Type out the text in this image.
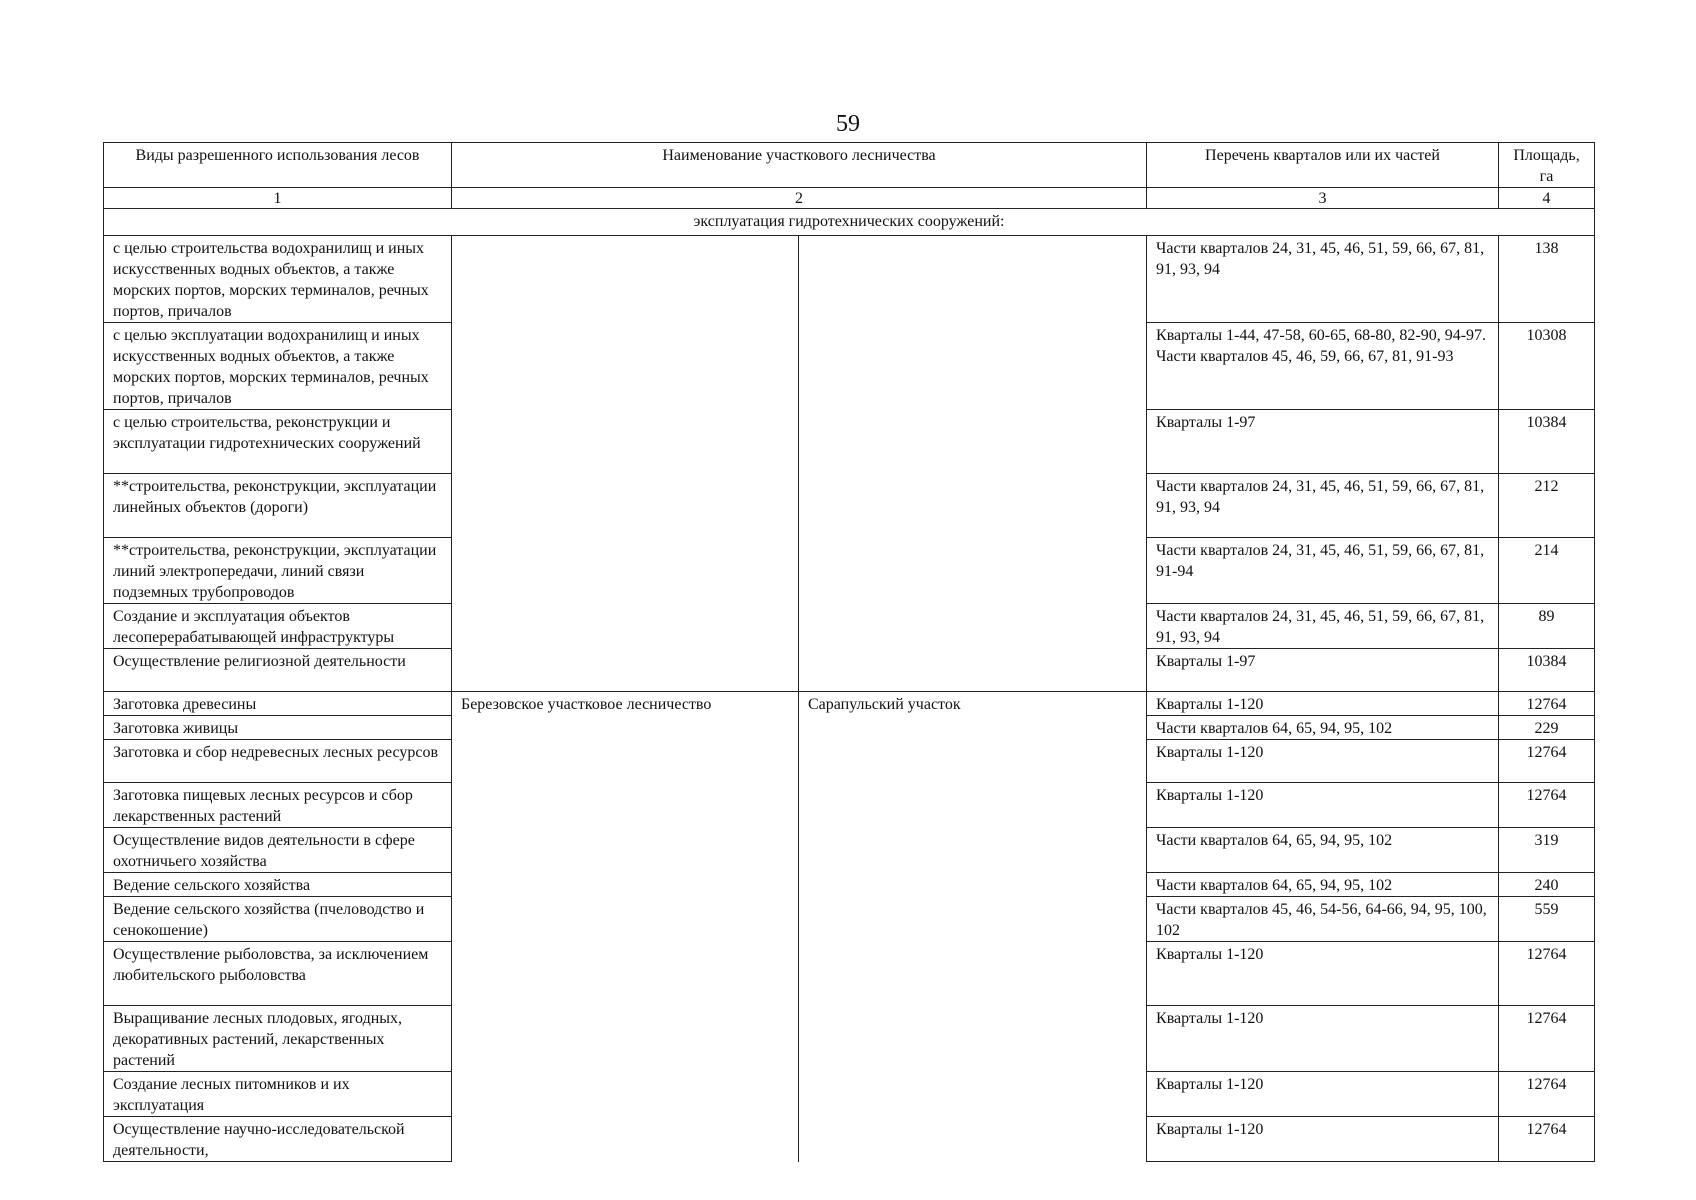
59
Виды разрешенного использования лесов	Наименование участкового лесничества		Перечень кварталов или их частей	Площадь, га
1	2		3	4
эксплуатация гидротехнических сооружений:				
с целью строительства водохранилищ и иных искусственных водных объектов, а также морских портов, морских терминалов, речных портов, причалов			Части кварталов 24, 31, 45, 46, 51, 59, 66, 67, 81, 91, 93, 94	138
с целью эксплуатации водохранилищ и иных искусственных водных объектов, а также морских портов, морских терминалов, речных портов, причалов			Кварталы 1-44, 47-58, 60-65, 68-80, 82-90, 94-97. Части кварталов 45, 46, 59, 66, 67, 81, 91-93	10308
с целью строительства, реконструкции и эксплуатации гидротехнических сооружений			Кварталы 1-97	10384
**строительства, реконструкции, эксплуатации линейных объектов (дороги)			Части кварталов 24, 31, 45, 46, 51, 59, 66, 67, 81, 91, 93, 94	212
**строительства, реконструкции, эксплуатации линий электропередачи, линий связи подземных трубопроводов			Части кварталов 24, 31, 45, 46, 51, 59, 66, 67, 81, 91-94	214
Создание и эксплуатация объектов лесоперерабатывающей инфраструктуры			Части кварталов 24, 31, 45, 46, 51, 59, 66, 67, 81, 91, 93, 94	89
Осуществление религиозной деятельности			Кварталы 1-97	10384
Заготовка древесины	Березовское участковое лесничество	Сарапульский участок	Кварталы 1-120	12764
Заготовка живицы			Части кварталов 64, 65, 94, 95, 102	229
Заготовка и сбор недревесных лесных ресурсов			Кварталы 1-120	12764
Заготовка пищевых лесных ресурсов и сбор лекарственных растений			Кварталы 1-120	12764
Осуществление видов деятельности в сфере охотничьего хозяйства			Части кварталов 64, 65, 94, 95, 102	319
Ведение сельского хозяйства			Части кварталов 64, 65, 94, 95, 102	240
Ведение сельского хозяйства (пчеловодство и сенокошение)			Части кварталов 45, 46, 54-56, 64-66, 94, 95, 100, 102	559
Осуществление рыболовства, за исключением любительского рыболовства			Кварталы 1-120	12764
Выращивание лесных плодовых, ягодных, декоративных растений, лекарственных растений			Кварталы 1-120	12764
Создание лесных питомников и их эксплуатация			Кварталы 1-120	12764
Осуществление научно-исследовательской деятельности,			Кварталы 1-120	12764
